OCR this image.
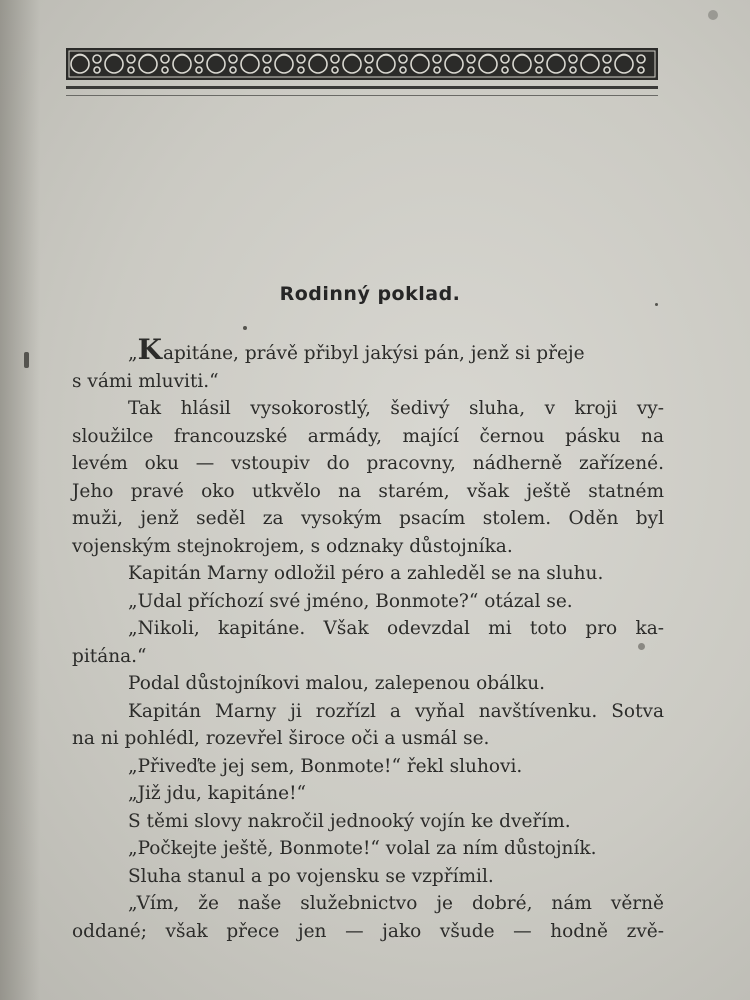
Rodinný poklad.
„Kapitáne, právě přibyl jakýsi pán, jenž si přeje
s vámi mluviti.“
Tak hlásil vysokorostlý, šedivý sluha, v kroji vy-
sloužilce francouzské armády, mající černou pásku na
levém oku — vstoupiv do pracovny, nádherně zařízené.
Jeho pravé oko utkvělo na starém, však ještě statném
muži, jenž seděl za vysokým psacím stolem. Oděn byl
vojenským stejnokrojem, s odznaky důstojníka.
Kapitán Marny odložil péro a zahleděl se na sluhu.
„Udal příchozí své jméno, Bonmote?“ otázal se.
„Nikoli, kapitáne. Však odevzdal mi toto pro ka-
pitána.“
Podal důstojníkovi malou, zalepenou obálku.
Kapitán Marny ji rozřízl a vyňal navštívenku. Sotva
na ni pohlédl, rozevřel široce oči a usmál se.
„Přiveďte jej sem, Bonmote!“ řekl sluhovi.
„Již jdu, kapitáne!“
S těmi slovy nakročil jednooký vojín ke dveřím.
„Počkejte ještě, Bonmote!“ volal za ním důstojník.
Sluha stanul a po vojensku se vzpřímil.
„Vím, že naše služebnictvo je dobré, nám věrně
oddané; však přece jen — jako všude — hodně zvě-
